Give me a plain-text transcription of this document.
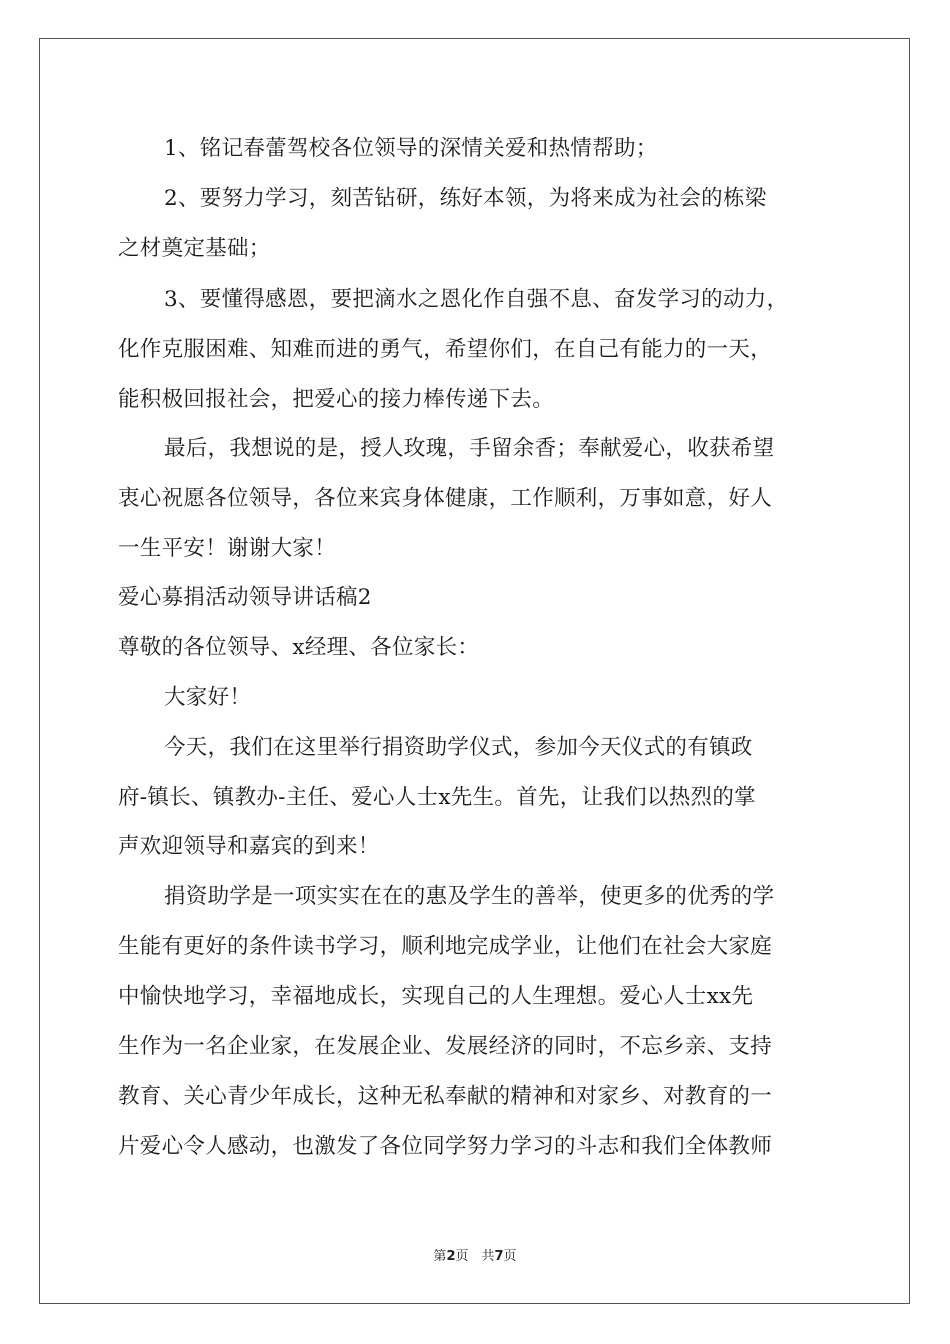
1、铭记春蕾驾校各位领导的深情关爱和热情帮助；
2、要努力学习，刻苦钻研，练好本领，为将来成为社会的栋梁
之材奠定基础；
3、要懂得感恩，要把滴水之恩化作自强不息、奋发学习的动力，
化作克服困难、知难而进的勇气，希望你们，在自己有能力的一天，
能积极回报社会，把爱心的接力棒传递下去。
最后，我想说的是，授人玫瑰，手留余香；奉献爱心，收获希望
衷心祝愿各位领导，各位来宾身体健康，工作顺利，万事如意，好人
一生平安！谢谢大家！
爱心募捐活动领导讲话稿2
尊敬的各位领导、x经理、各位家长：
大家好！
今天，我们在这里举行捐资助学仪式，参加今天仪式的有镇政
府-镇长、镇教办-主任、爱心人士x先生。首先，让我们以热烈的掌
声欢迎领导和嘉宾的到来！
捐资助学是一项实实在在的惠及学生的善举，使更多的优秀的学
生能有更好的条件读书学习，顺利地完成学业，让他们在社会大家庭
中愉快地学习，幸福地成长，实现自己的人生理想。爱心人士xx先
生作为一名企业家，在发展企业、发展经济的同时，不忘乡亲、支持
教育、关心青少年成长，这种无私奉献的精神和对家乡、对教育的一
片爱心令人感动，也激发了各位同学努力学习的斗志和我们全体教师
第2页　共7页
